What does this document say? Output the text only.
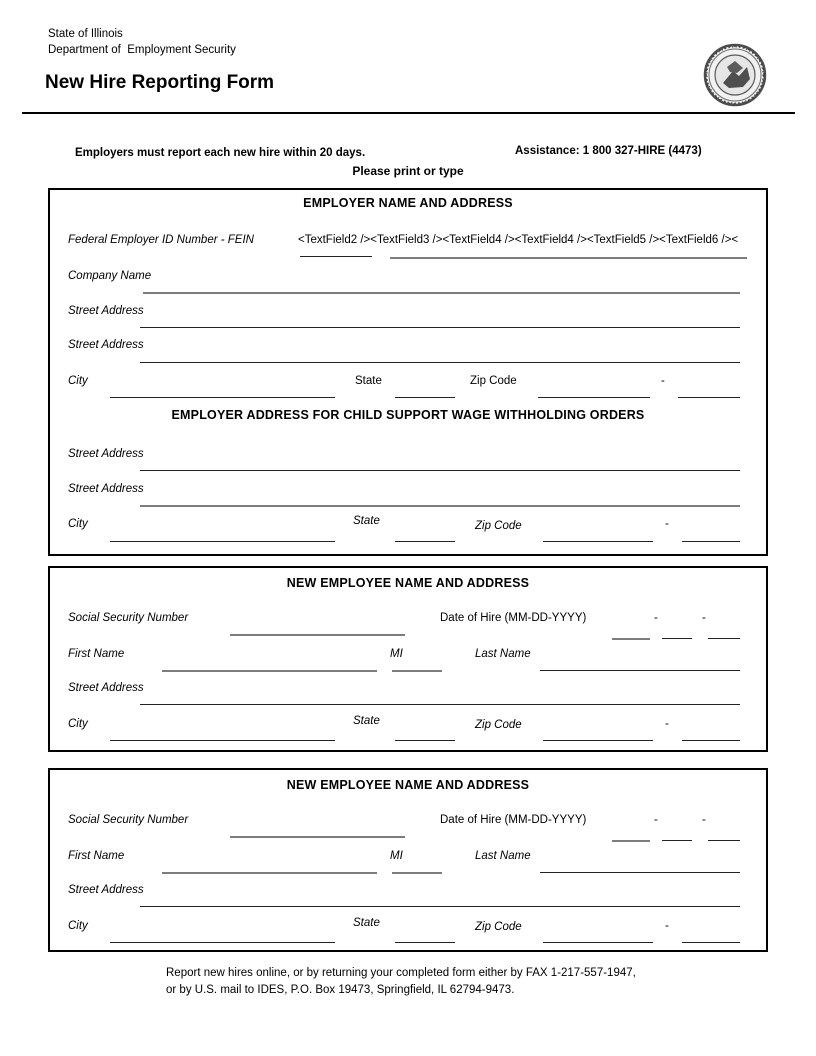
State of Illinois
Department of  Employment Security
New Hire Reporting Form
Employers must report each new hire within 20 days.	Assistance: 1 800 327-HIRE (4473)
Please print or type
EMPLOYER NAME AND ADDRESS
Federal Employer ID Number - FEIN	<TextField2 /><TextField3 /><TextField4 /><TextField4 /><TextField5 /><TextField6 /><
Company Name
Street Address
Street Address
City	State	Zip Code	-
EMPLOYER ADDRESS FOR CHILD SUPPORT WAGE WITHHOLDING ORDERS
Street Address
Street Address
City	State	Zip Code	-
NEW EMPLOYEE NAME AND ADDRESS
Social Security Number	Date of Hire (MM-DD-YYYY)	-	-
First Name	MI	Last Name
Street Address
City	State	Zip Code	-
NEW EMPLOYEE NAME AND ADDRESS
Social Security Number	Date of Hire (MM-DD-YYYY)	-	-
First Name	MI	Last Name
Street Address
City	State	Zip Code	-
Report new hires online, or by returning your completed form either by FAX 1-217-557-1947,
or by U.S. mail to IDES, P.O. Box 19473, Springfield, IL 62794-9473.
